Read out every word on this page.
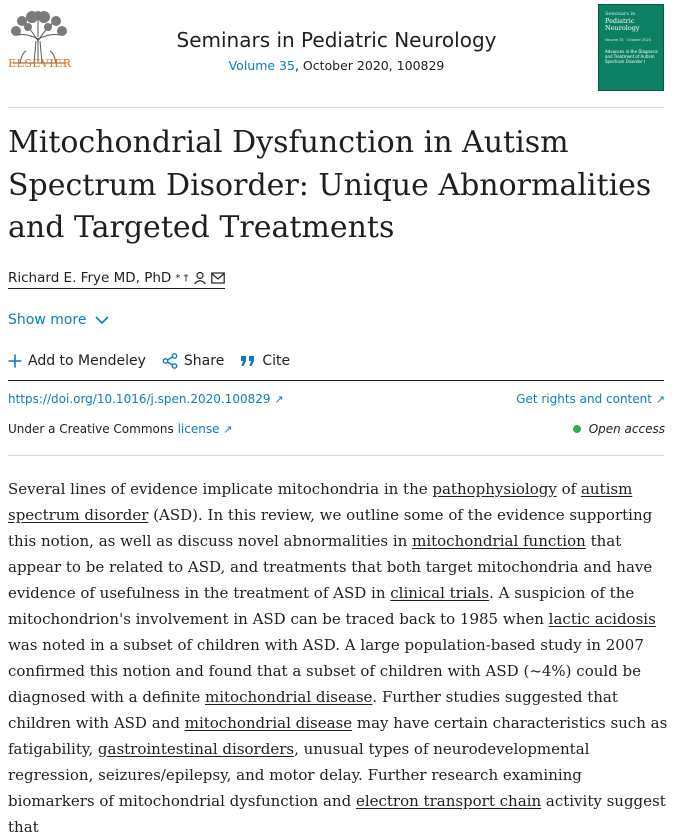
ELSEVIER
Seminars in Pediatric Neurology
Volume 35, October 2020, 100829
Seminars in
Pediatric Neurology
Volume 35 · October 2020
Advances in the Diagnosis and Treatment of Autism Spectrum Disorder I
Mitochondrial Dysfunction in Autism Spectrum Disorder: Unique Abnormalities and Targeted Treatments
Richard E. Frye MD, PhD * †
Show more
Add to Mendeley	Share	Cite
https://doi.org/10.1016/j.spen.2020.100829 ↗	Get rights and content ↗
Under a Creative Commons license ↗	Open access

Several lines of evidence implicate mitochondria in the pathophysiology of autism spectrum disorder (ASD). In this review, we outline some of the evidence supporting this notion, as well as discuss novel abnormalities in mitochondrial function that appear to be related to ASD, and treatments that both target mitochondria and have evidence of usefulness in the treatment of ASD in clinical trials. A suspicion of the mitochondrion's involvement in ASD can be traced back to 1985 when lactic acidosis was noted in a subset of children with ASD. A large population-based study in 2007 confirmed this notion and found that a subset of children with ASD (~4%) could be diagnosed with a definite mitochondrial disease. Further studies suggested that children with ASD and mitochondrial disease may have certain characteristics such as fatigability, gastrointestinal disorders, unusual types of neurodevelopmental regression, seizures/epilepsy, and motor delay. Further research examining biomarkers of mitochondrial dysfunction and electron transport chain activity suggest that
